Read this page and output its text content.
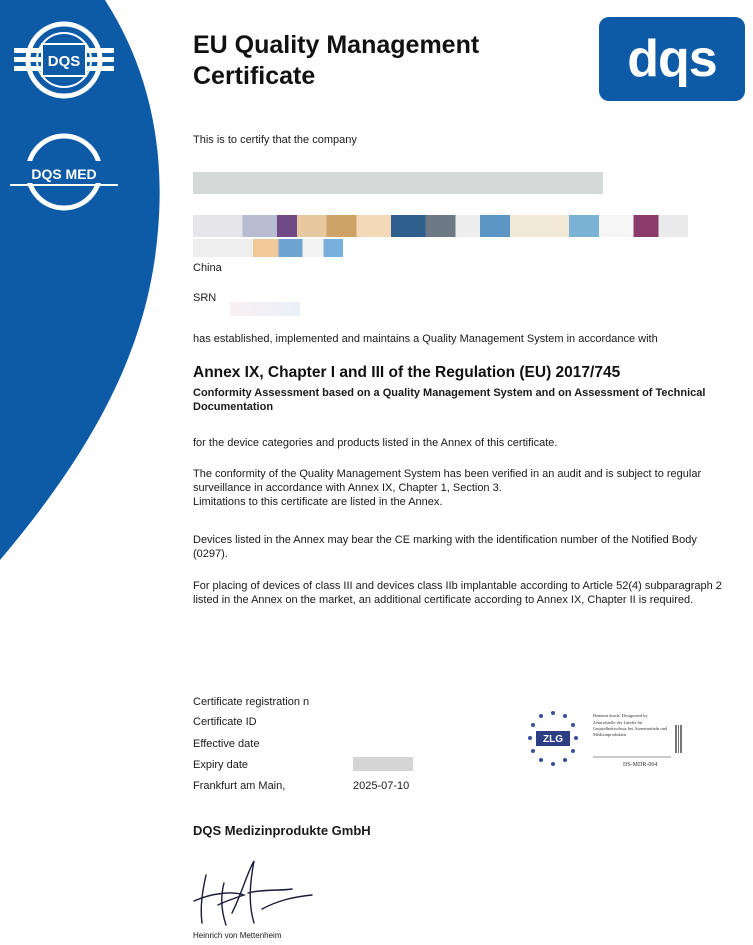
DQS
DQS MED
EU Quality Management
Certificate	dqs
This is to certify that the company
China
SRN
has established, implemented and maintains a Quality Management System in accordance with
Annex IX, Chapter I and III of the Regulation (EU) 2017/745
Conformity Assessment based on a Quality Management System and on Assessment of Technical Documentation
for the device categories and products listed in the Annex of this certificate.
The conformity of the Quality Management System has been verified in an audit and is subject to regular surveillance in accordance with Annex IX, Chapter 1, Section 3.
Limitations to this certificate are listed in the Annex.
Devices listed in the Annex may bear the CE marking with the identification number of the Notified Body (0297).
For placing of devices of class III and devices class IIb implantable according to Article 52(4) subparagraph 2 listed in the Annex on the market, an additional certificate according to Annex IX, Chapter II is required.
Certificate registration n
Certificate ID
Effective date
Expiry date
Frankfurt am Main,	2025-07-10
ZLG
Benannt durch/ Designated by
Zentralstelle der Länder für Gesundheitsschutz bei Arzneimitteln und Medizinprodukten
DS-MDR-004
DQS Medizinprodukte GmbH
Heinrich von Mettenheim
